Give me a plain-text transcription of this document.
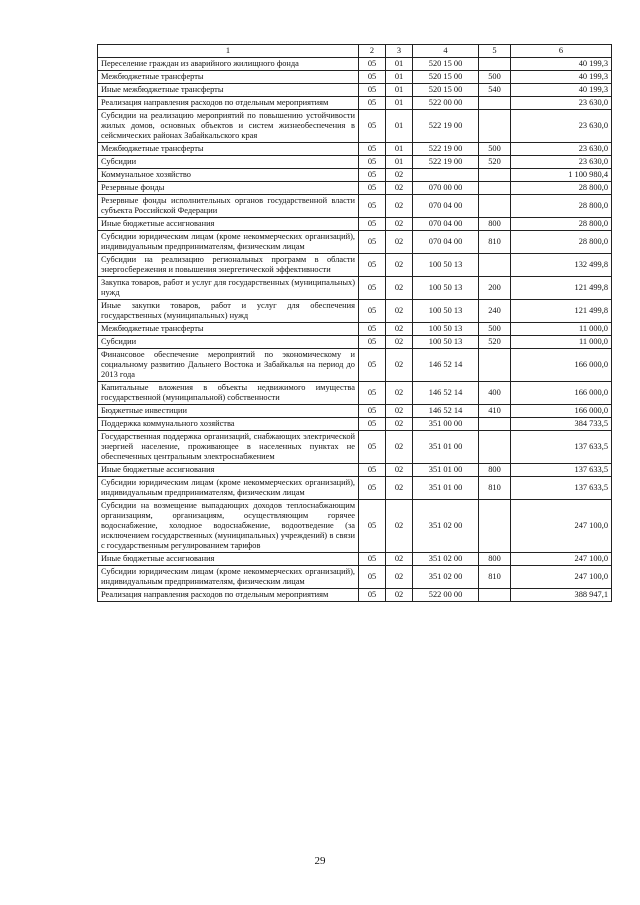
1	2	3	4	5	6
Переселение граждан из аварийного жилищного фонда	05	01	520 15 00		40 199,3
Межбюджетные трансферты	05	01	520 15 00	500	40 199,3
Иные межбюджетные трансферты	05	01	520 15 00	540	40 199,3
Реализация направления расходов по отдельным мероприятиям	05	01	522 00 00		23 630,0
Субсидии на реализацию мероприятий по повышению устойчивости жилых домов, основных объектов и систем жизнеобеспечения в сейсмических районах Забайкальского края	05	01	522 19 00		23 630,0
Межбюджетные трансферты	05	01	522 19 00	500	23 630,0
Субсидии	05	01	522 19 00	520	23 630,0
Коммунальное хозяйство	05	02			1 100 980,4
Резервные фонды	05	02	070 00 00		28 800,0
Резервные фонды исполнительных органов государственной власти субъекта Российской Федерации	05	02	070 04 00		28 800,0
Иные бюджетные ассигнования	05	02	070 04 00	800	28 800,0
Субсидии юридическим лицам (кроме некоммерческих организаций), индивидуальным предпринимателям, физическим лицам	05	02	070 04 00	810	28 800,0
Субсидии на реализацию региональных программ в области энергосбережения и повышения энергетической эффективности	05	02	100 50 13		132 499,8
Закупка товаров, работ и услуг для государственных (муниципальных) нужд	05	02	100 50 13	200	121 499,8
Иные закупки товаров, работ и услуг для обеспечения государственных (муниципальных) нужд	05	02	100 50 13	240	121 499,8
Межбюджетные трансферты	05	02	100 50 13	500	11 000,0
Субсидии	05	02	100 50 13	520	11 000,0
Финансовое обеспечение мероприятий по экономическому и социальному развитию Дальнего Востока и Забайкалья на период до 2013 года	05	02	146 52 14		166 000,0
Капитальные вложения в объекты недвижимого имущества государственной (муниципальной) собственности	05	02	146 52 14	400	166 000,0
Бюджетные инвестиции	05	02	146 52 14	410	166 000,0
Поддержка коммунального хозяйства	05	02	351 00 00		384 733,5
Государственная поддержка организаций, снабжающих электрической энергией население, проживающее в населенных пунктах не обеспеченных центральным электроснабжением	05	02	351 01 00		137 633,5
Иные бюджетные ассигнования	05	02	351 01 00	800	137 633,5
Субсидии юридическим лицам (кроме некоммерческих организаций), индивидуальным предпринимателям, физическим лицам	05	02	351 01 00	810	137 633,5
Субсидии на возмещение выпадающих доходов теплоснабжающим организациям, организациям, осуществляющим горячее водоснабжение, холодное водоснабжение, водоотведение (за исключением государственных (муниципальных) учреждений) в связи с государственным регулированием тарифов	05	02	351 02 00		247 100,0
Иные бюджетные ассигнования	05	02	351 02 00	800	247 100,0
Субсидии юридическим лицам (кроме некоммерческих организаций), индивидуальным предпринимателям, физическим лицам	05	02	351 02 00	810	247 100,0
Реализация направления расходов по отдельным мероприятиям	05	02	522 00 00		388 947,1
29
